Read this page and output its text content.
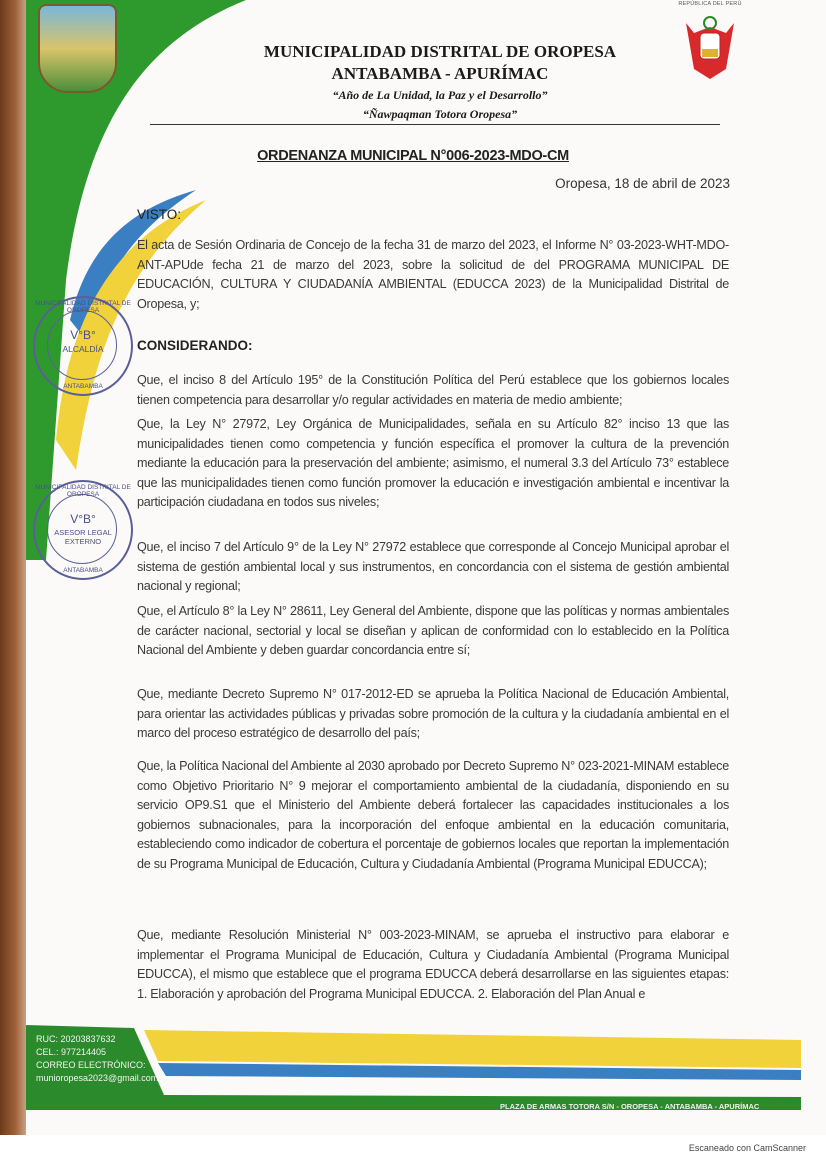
REPÚBLICA DEL PERÚ
MUNICIPALIDAD DISTRITAL DE OROPESA
ANTABAMBA - APURÍMAC
“Año de La Unidad, la Paz y el Desarrollo”
“Ñawpaqman Totora Oropesa”
ORDENANZA MUNICIPAL N°006-2023-MDO-CM
Oropesa, 18 de abril de 2023
VISTO:
El acta de Sesión Ordinaria de Concejo de la fecha 31 de marzo del 2023, el Informe N° 03-2023-WHT-MDO-ANT-APUde fecha 21 de marzo del 2023, sobre la solicitud de del PROGRAMA MUNICIPAL DE EDUCACIÓN, CULTURA Y CIUDADANÍA AMBIENTAL (EDUCCA 2023) de la Municipalidad Distrital de Oropesa, y;
CONSIDERANDO:
Que, el inciso 8 del Artículo 195° de la Constitución Política del Perú establece que los gobiernos locales tienen competencia para desarrollar y/o regular actividades en materia de medio ambiente;
Que, la Ley N° 27972, Ley Orgánica de Municipalidades, señala en su Artículo 82° inciso 13 que las municipalidades tienen como competencia y función específica el promover la cultura de la prevención mediante la educación para la preservación del ambiente; asimismo, el numeral 3.3 del Artículo 73° establece que las municipalidades tienen como función promover la educación e investigación ambiental e incentivar la participación ciudadana en todos sus niveles;
Que, el inciso 7 del Artículo 9° de la Ley N° 27972 establece que corresponde al Concejo Municipal aprobar el sistema de gestión ambiental local y sus instrumentos, en concordancia con el sistema de gestión ambiental nacional y regional;
Que, el Artículo 8° la Ley N° 28611, Ley General del Ambiente, dispone que las políticas y normas ambientales de carácter nacional, sectorial y local se diseñan y aplican de conformidad con lo establecido en la Política Nacional del Ambiente y deben guardar concordancia entre sí;
Que, mediante Decreto Supremo N° 017-2012-ED se aprueba la Política Nacional de Educación Ambiental, para orientar las actividades públicas y privadas sobre promoción de la cultura y la ciudadanía ambiental en el marco del proceso estratégico de desarrollo del país;
Que, la Política Nacional del Ambiente al 2030 aprobado por Decreto Supremo N° 023-2021-MINAM establece como Objetivo Prioritario N° 9 mejorar el comportamiento ambiental de la ciudadanía, disponiendo en su servicio OP9.S1 que el Ministerio del Ambiente deberá fortalecer las capacidades institucionales a los gobiernos subnacionales, para la incorporación del enfoque ambiental en la educación comunitaria, estableciendo como indicador de cobertura el porcentaje de gobiernos locales que reportan la implementación de su Programa Municipal de Educación, Cultura y Ciudadanía Ambiental (Programa Municipal EDUCCA);
Que, mediante Resolución Ministerial N° 003-2023-MINAM, se aprueba el instructivo para elaborar e implementar el Programa Municipal de Educación, Cultura y Ciudadanía Ambiental (Programa Municipal EDUCCA), el mismo que establece que el programa EDUCCA deberá desarrollarse en las siguientes etapas: 1. Elaboración y aprobación del Programa Municipal EDUCCA. 2. Elaboración del Plan Anual e
MUNICIPALIDAD DISTRITAL DE OROPESA
V°B°
ALCALDÍA
ANTABAMBA
MUNICIPALIDAD DISTRITAL DE OROPESA
V°B°
ASESOR LEGAL EXTERNO
ANTABAMBA
RUC: 20203837632
CEL.: 977214405
CORREO ELECTRÓNICO:
munioropesa2023@gmail.com
PLAZA DE ARMAS TOTORA S/N - OROPESA - ANTABAMBA - APURÍMAC
Escaneado con CamScanner
